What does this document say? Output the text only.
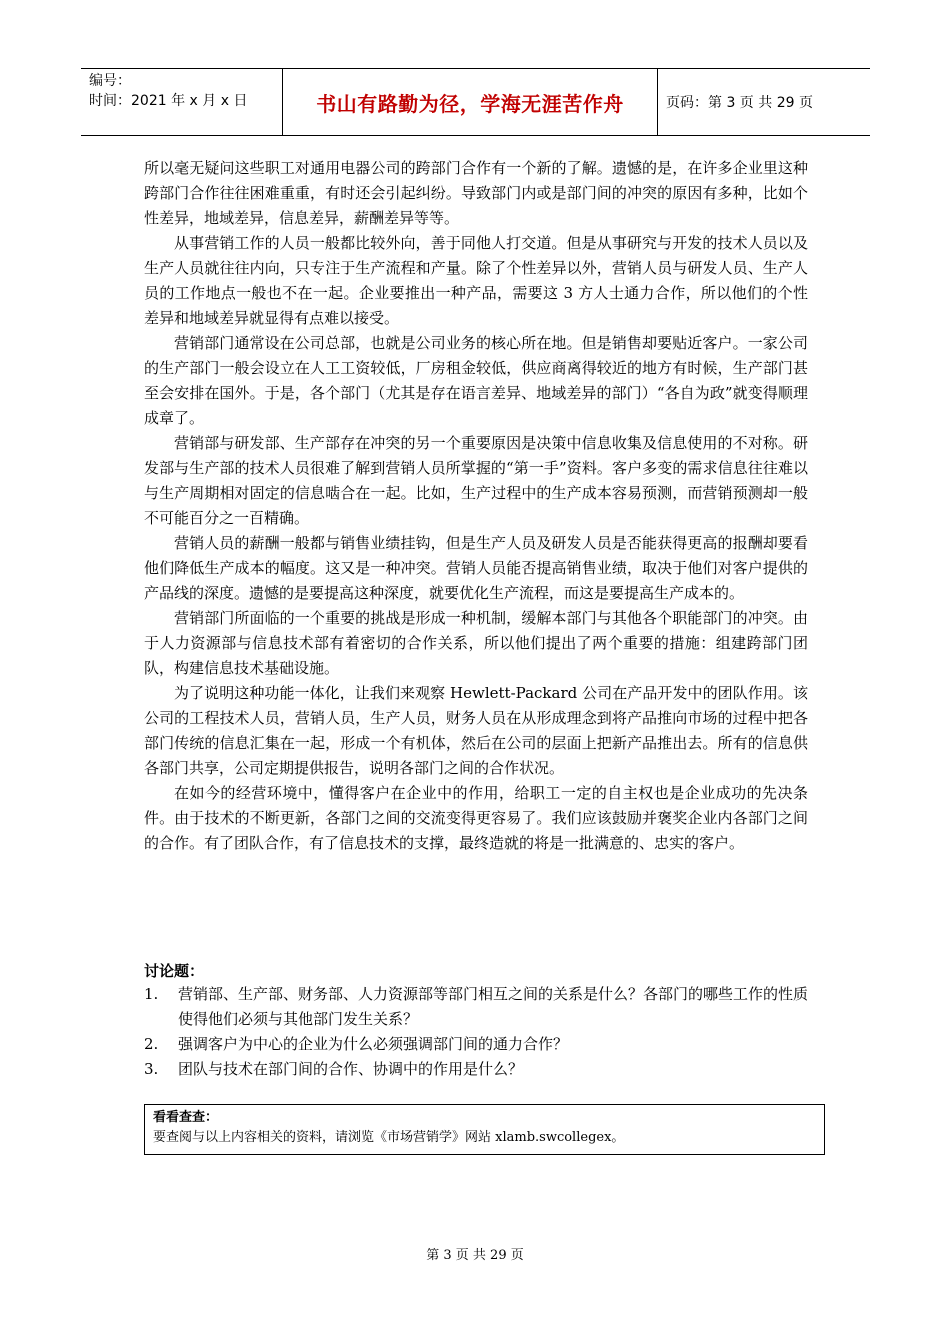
编号：
时间：2021 年 x 月 x 日	书山有路勤为径，学海无涯苦作舟	页码：第 3 页 共 29 页

所以毫无疑问这些职工对通用电器公司的跨部门合作有一个新的了解。遗憾的是，在许多企业里这种跨部门合作往往困难重重，有时还会引起纠纷。导致部门内或是部门间的冲突的原因有多种，比如个性差异，地域差异，信息差异，薪酬差异等等。

从事营销工作的人员一般都比较外向，善于同他人打交道。但是从事研究与开发的技术人员以及生产人员就往往内向，只专注于生产流程和产量。除了个性差异以外，营销人员与研发人员、生产人员的工作地点一般也不在一起。企业要推出一种产品，需要这 3 方人士通力合作，所以他们的个性差异和地域差异就显得有点难以接受。

营销部门通常设在公司总部，也就是公司业务的核心所在地。但是销售却要贴近客户。一家公司的生产部门一般会设立在人工工资较低，厂房租金较低，供应商离得较近的地方有时候，生产部门甚至会安排在国外。于是，各个部门（尤其是存在语言差异、地域差异的部门）“各自为政”就变得顺理成章了。

营销部与研发部、生产部存在冲突的另一个重要原因是决策中信息收集及信息使用的不对称。研发部与生产部的技术人员很难了解到营销人员所掌握的“第一手”资料。客户多变的需求信息往往难以与生产周期相对固定的信息啮合在一起。比如，生产过程中的生产成本容易预测，而营销预测却一般不可能百分之一百精确。

营销人员的薪酬一般都与销售业绩挂钩，但是生产人员及研发人员是否能获得更高的报酬却要看他们降低生产成本的幅度。这又是一种冲突。营销人员能否提高销售业绩，取决于他们对客户提供的产品线的深度。遗憾的是要提高这种深度，就要优化生产流程，而这是要提高生产成本的。

营销部门所面临的一个重要的挑战是形成一种机制，缓解本部门与其他各个职能部门的冲突。由于人力资源部与信息技术部有着密切的合作关系，所以他们提出了两个重要的措施：组建跨部门团队，构建信息技术基础设施。

为了说明这种功能一体化，让我们来观察 Hewlett-Packard 公司在产品开发中的团队作用。该公司的工程技术人员，营销人员，生产人员，财务人员在从形成理念到将产品推向市场的过程中把各部门传统的信息汇集在一起，形成一个有机体，然后在公司的层面上把新产品推出去。所有的信息供各部门共享，公司定期提供报告，说明各部门之间的合作状况。

在如今的经营环境中，懂得客户在企业中的作用，给职工一定的自主权也是企业成功的先决条件。由于技术的不断更新，各部门之间的交流变得更容易了。我们应该鼓励并褒奖企业内各部门之间的合作。有了团队合作，有了信息技术的支撑，最终造就的将是一批满意的、忠实的客户。

讨论题：
1.	营销部、生产部、财务部、人力资源部等部门相互之间的关系是什么？各部门的哪些工作的性质使得他们必须与其他部门发生关系？
2.	强调客户为中心的企业为什么必须强调部门间的通力合作？
3.	团队与技术在部门间的合作、协调中的作用是什么？
看看查查：
要查阅与以上内容相关的资料，请浏览《市场营销学》网站 xlamb.swcollegex。
第 3 页 共 29 页
